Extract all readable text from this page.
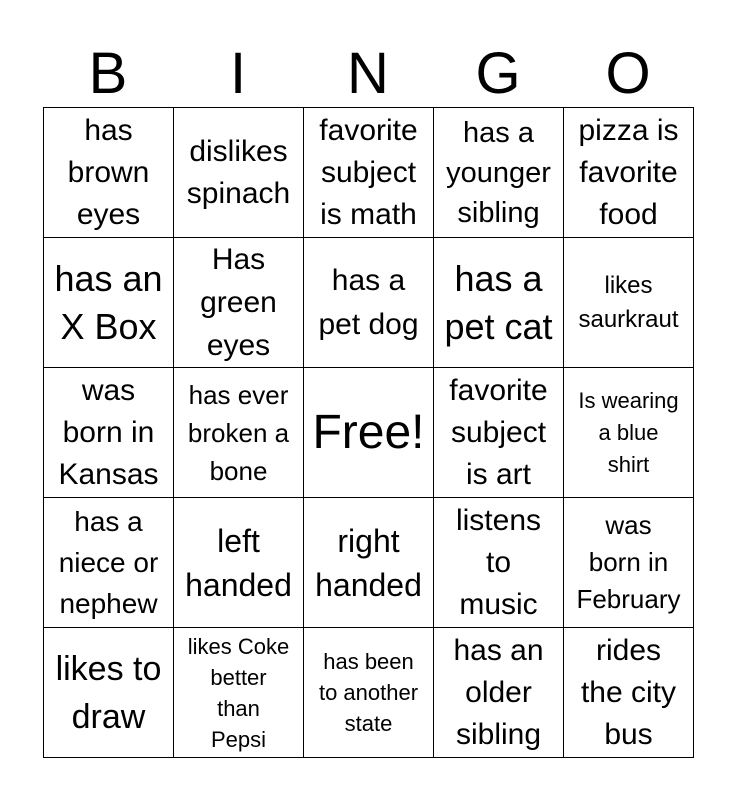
B	I	N	G	O
has
brown
eyes	dislikes
spinach	favorite
subject
is math	has a
younger
sibling	pizza is
favorite
food

has an
X Box	Has
green
eyes	has a
pet dog	has a
pet cat	likes
saurkraut

was
born in
Kansas	has ever
broken a
bone	Free!	favorite
subject
is art	Is wearing
a blue
shirt

has a
niece or
nephew	left
handed	right
handed	listens
to
music	was
born in
February

likes to
draw	likes Coke
better
than
Pepsi	has been
to another
state	has an
older
sibling	rides
the city
bus
